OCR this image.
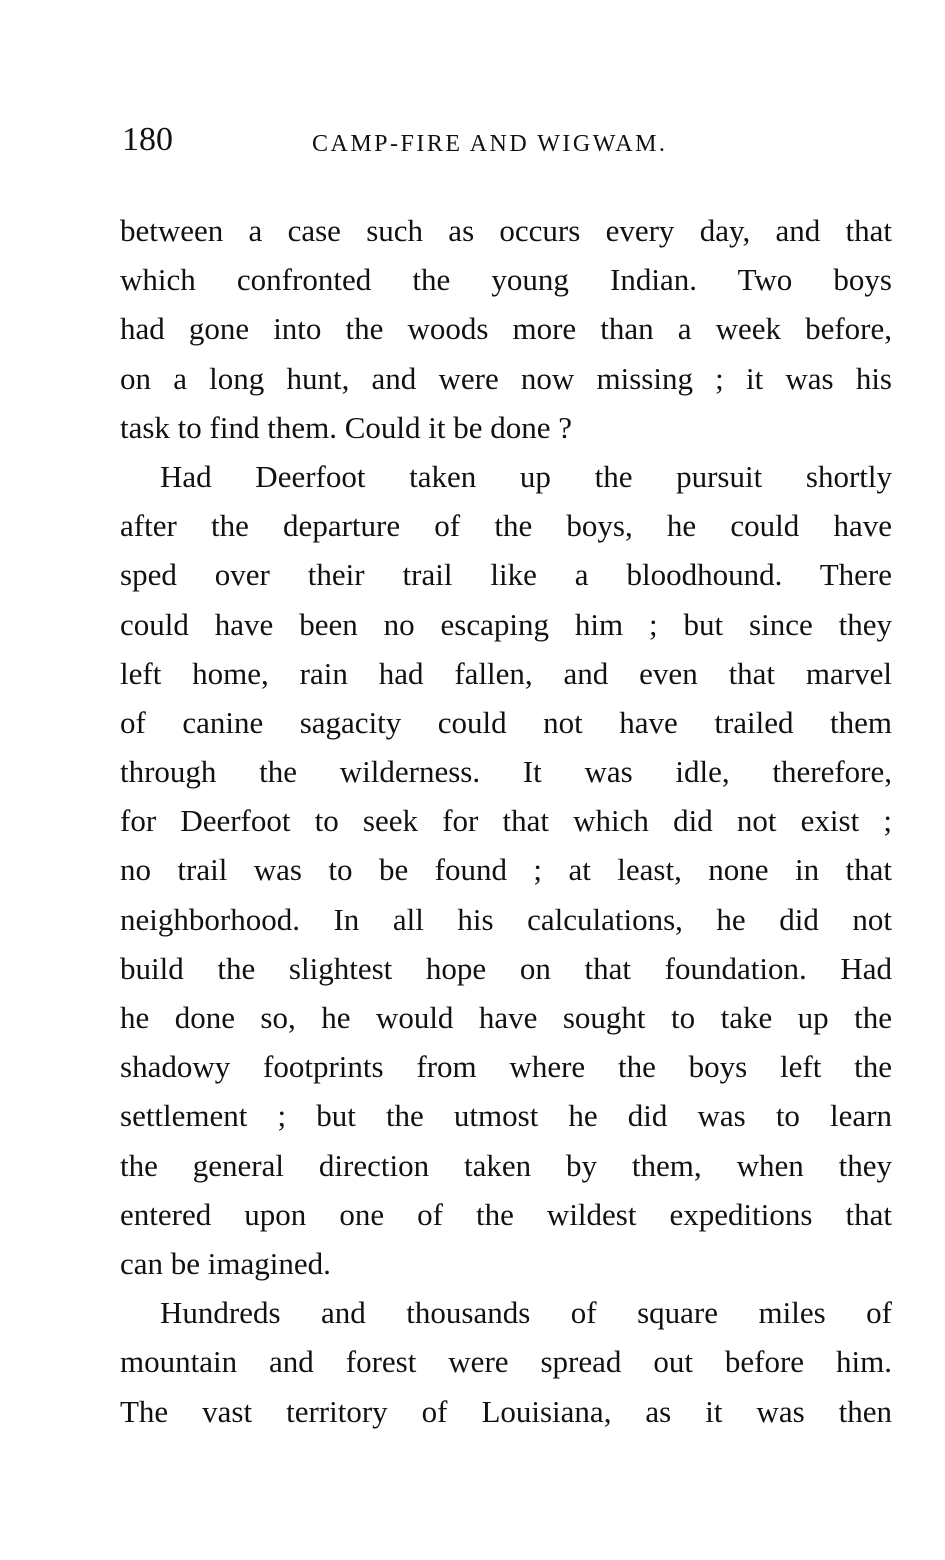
180	CAMP-FIRE AND WIGWAM.
between a case such as occurs every day, and that
which confronted the young Indian. Two boys
had gone into the woods more than a week before,
on a long hunt, and were now missing ; it was his
task to find them. Could it be done ?
Had Deerfoot taken up the pursuit shortly
after the departure of the boys, he could have
sped over their trail like a bloodhound. There
could have been no escaping him ; but since they
left home, rain had fallen, and even that marvel
of canine sagacity could not have trailed them
through the wilderness. It was idle, therefore,
for Deerfoot to seek for that which did not exist ;
no trail was to be found ; at least, none in that
neighborhood. In all his calculations, he did not
build the slightest hope on that foundation. Had
he done so, he would have sought to take up the
shadowy footprints from where the boys left the
settlement ; but the utmost he did was to learn
the general direction taken by them, when they
entered upon one of the wildest expeditions that
can be imagined.
Hundreds and thousands of square miles of
mountain and forest were spread out before him.
The vast territory of Louisiana, as it was then
